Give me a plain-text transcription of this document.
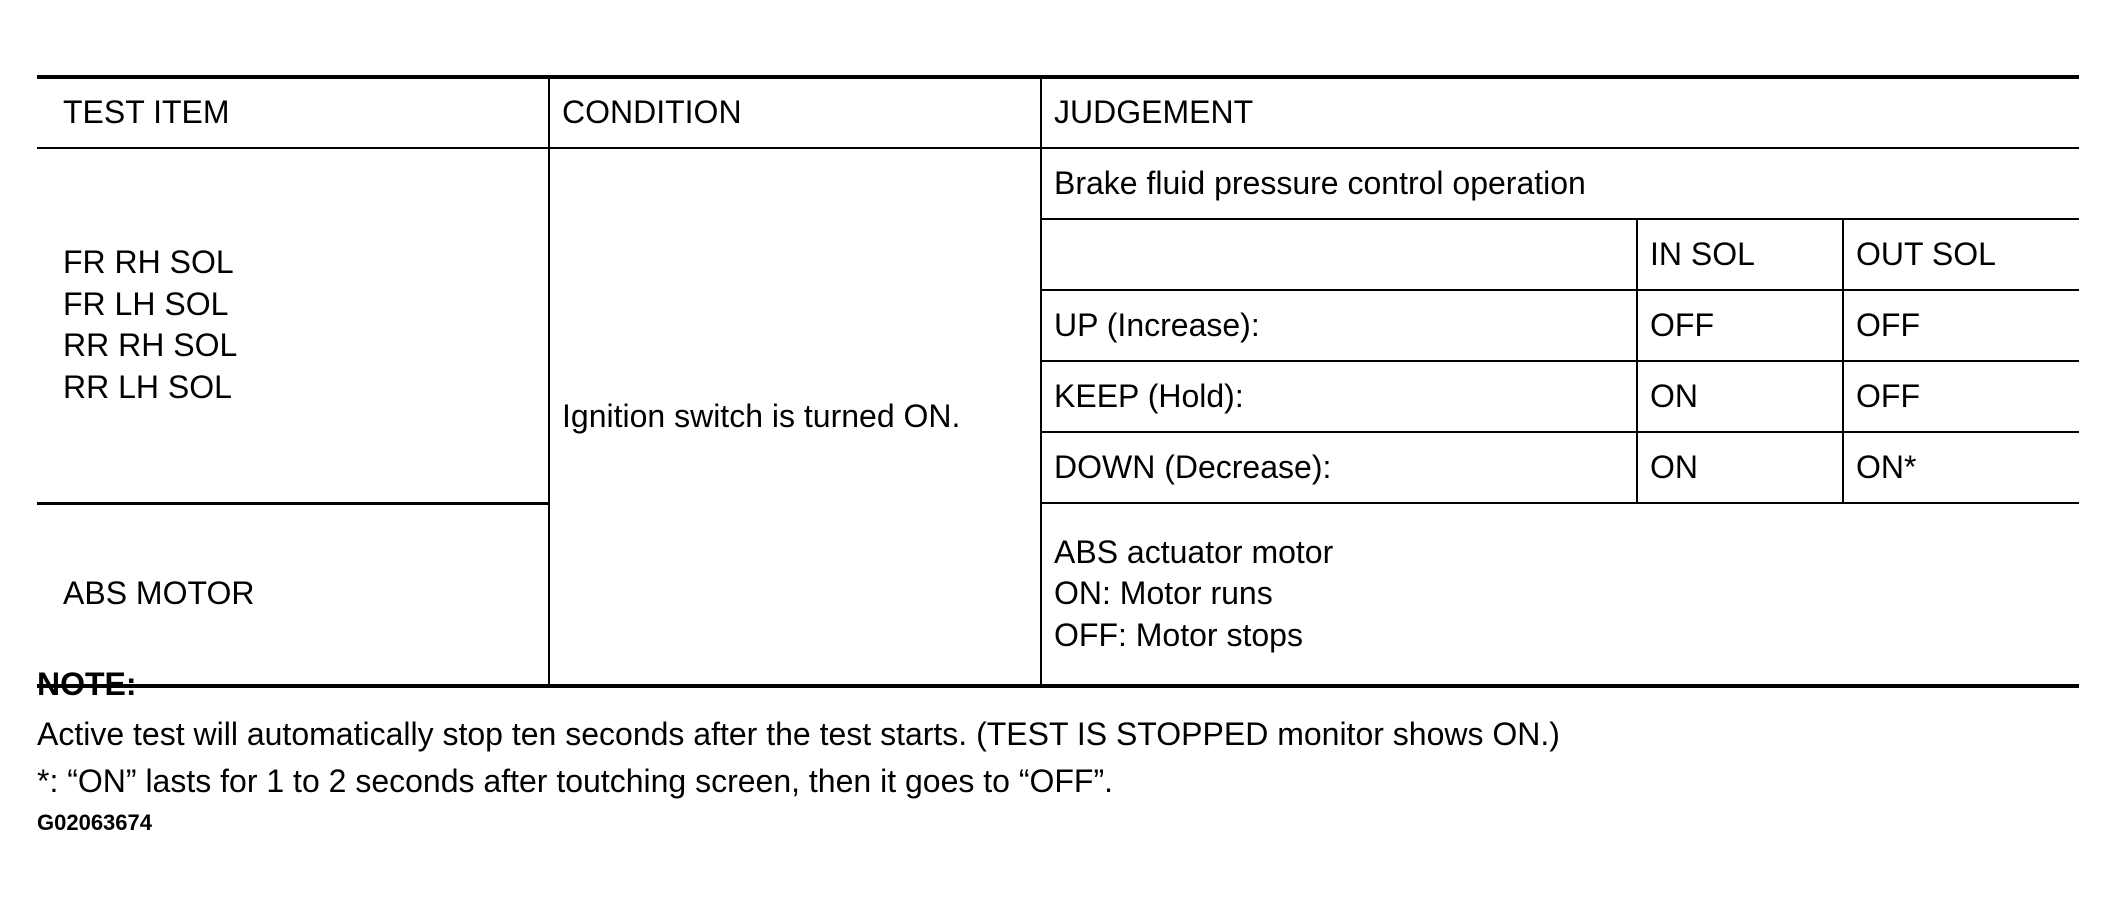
TEST ITEM	CONDITION	JUDGEMENT		

FR RH SOL
FR LH SOL
RR RH SOL
RR LH SOL	Ignition switch is turned ON.	Brake fluid pressure control operation		
			IN SOL	OUT SOL
		UP (Increase):	OFF	OFF
		KEEP (Hold):	ON	OFF
		DOWN (Decrease):	ON	ON*
ABS MOTOR		ABS actuator motor
ON: Motor runs
OFF: Motor stops		
NOTE:
Active test will automatically stop ten seconds after the test starts. (TEST IS STOPPED monitor shows ON.)
*: “ON” lasts for 1 to 2 seconds after toutching screen, then it goes to “OFF”.
G02063674
